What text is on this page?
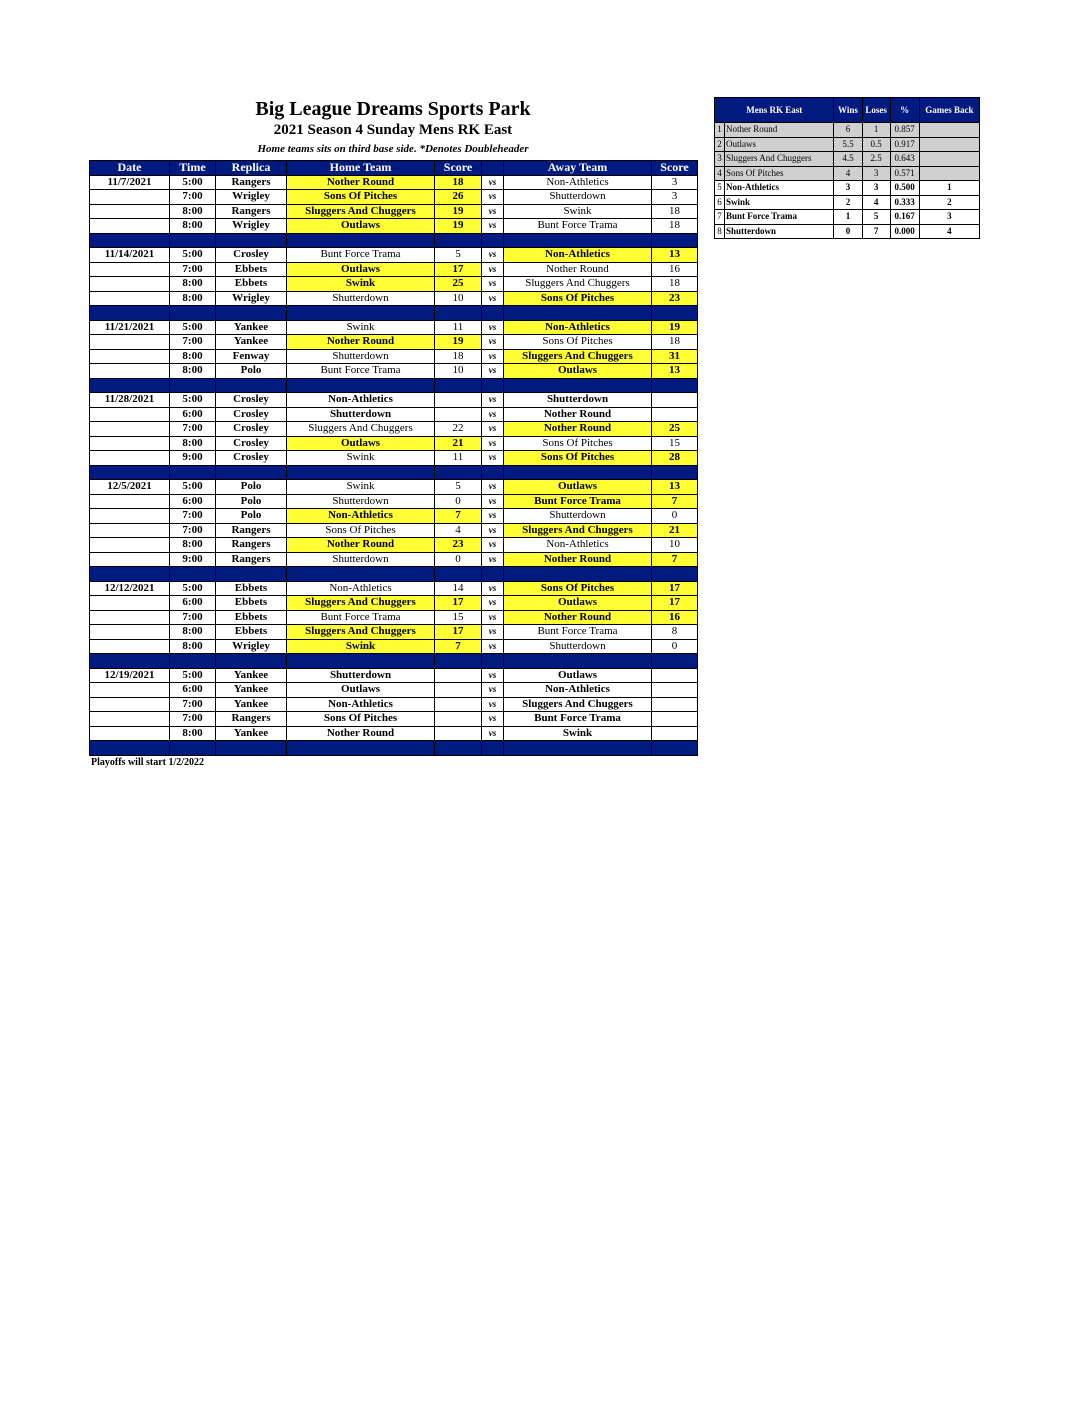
Big League Dreams Sports Park
2021 Season 4 Sunday Mens RK East
Home teams sits on third base side. *Denotes Doubleheader
Date	Time	Replica	Home Team	Score		Away Team	Score
11/7/2021	5:00	Rangers	Nother Round	18	vs	Non-Athletics	3
	7:00	Wrigley	Sons Of Pitches	26	vs	Shutterdown	3
	8:00	Rangers	Sluggers And Chuggers	19	vs	Swink	18
	8:00	Wrigley	Outlaws	19	vs	Bunt Force Trama	18

11/14/2021	5:00	Crosley	Bunt Force Trama	5	vs	Non-Athletics	13
	7:00	Ebbets	Outlaws	17	vs	Nother Round	16
	8:00	Ebbets	Swink	25	vs	Sluggers And Chuggers	18
	8:00	Wrigley	Shutterdown	10	vs	Sons Of Pitches	23

11/21/2021	5:00	Yankee	Swink	11	vs	Non-Athletics	19
	7:00	Yankee	Nother Round	19	vs	Sons Of Pitches	18
	8:00	Fenway	Shutterdown	18	vs	Sluggers And Chuggers	31
	8:00	Polo	Bunt Force Trama	10	vs	Outlaws	13

11/28/2021	5:00	Crosley	Non-Athletics		vs	Shutterdown	
	6:00	Crosley	Shutterdown		vs	Nother Round	
	7:00	Crosley	Sluggers And Chuggers	22	vs	Nother Round	25
	8:00	Crosley	Outlaws	21	vs	Sons Of Pitches	15
	9:00	Crosley	Swink	11	vs	Sons Of Pitches	28

12/5/2021	5:00	Polo	Swink	5	vs	Outlaws	13
	6:00	Polo	Shutterdown	0	vs	Bunt Force Trama	7
	7:00	Polo	Non-Athletics	7	vs	Shutterdown	0
	7:00	Rangers	Sons Of Pitches	4	vs	Sluggers And Chuggers	21
	8:00	Rangers	Nother Round	23	vs	Non-Athletics	10
	9:00	Rangers	Shutterdown	0	vs	Nother Round	7

12/12/2021	5:00	Ebbets	Non-Athletics	14	vs	Sons Of Pitches	17
	6:00	Ebbets	Sluggers And Chuggers	17	vs	Outlaws	17
	7:00	Ebbets	Bunt Force Trama	15	vs	Nother Round	16
	8:00	Ebbets	Sluggers And Chuggers	17	vs	Bunt Force Trama	8
	8:00	Wrigley	Swink	7	vs	Shutterdown	0

12/19/2021	5:00	Yankee	Shutterdown		vs	Outlaws	
	6:00	Yankee	Outlaws		vs	Non-Athletics	
	7:00	Yankee	Non-Athletics		vs	Sluggers And Chuggers	
	7:00	Rangers	Sons Of Pitches		vs	Bunt Force Trama	
	8:00	Yankee	Nother Round		vs	Swink	

Mens RK East		Wins	Loses	%	Games Back
1	Nother Round	6	1	0.857	
2	Outlaws	5.5	0.5	0.917	
3	Sluggers And Chuggers	4.5	2.5	0.643	
4	Sons Of Pitches	4	3	0.571	
5	Non-Athletics	3	3	0.500	1
6	Swink	2	4	0.333	2
7	Bunt Force Trama	1	5	0.167	3
8	Shutterdown	0	7	0.000	4
Playoffs will start 1/2/2022
